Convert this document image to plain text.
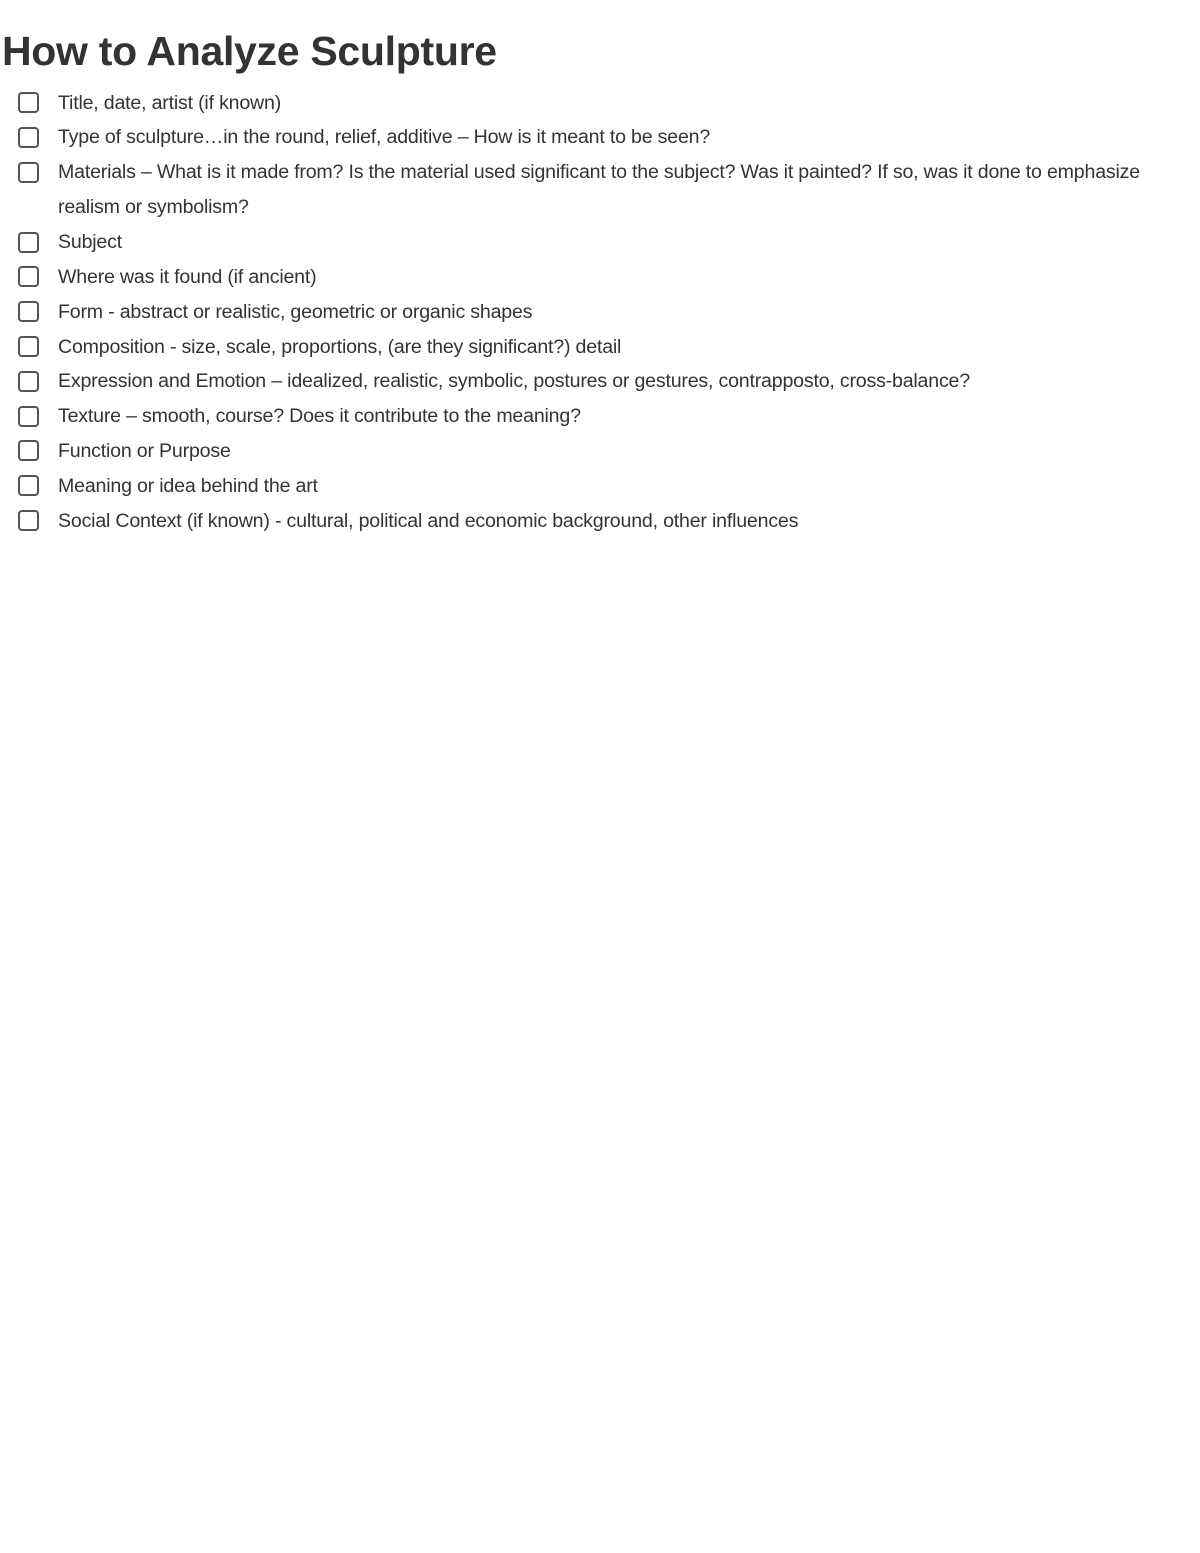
How to Analyze Sculpture
Title, date, artist (if known)
Type of sculpture…in the round, relief, additive – How is it meant to be seen?
Materials – What is it made from? Is the material used significant to the subject? Was it painted? If so, was it done to emphasize realism or symbolism?
Subject
Where was it found (if ancient)
Form - abstract or realistic, geometric or organic shapes
Composition - size, scale, proportions, (are they significant?) detail
Expression and Emotion – idealized, realistic, symbolic, postures or gestures, contrapposto, cross-balance?
Texture – smooth, course? Does it contribute to the meaning?
Function or Purpose
Meaning or idea behind the art
Social Context (if known) - cultural, political and economic background, other influences
